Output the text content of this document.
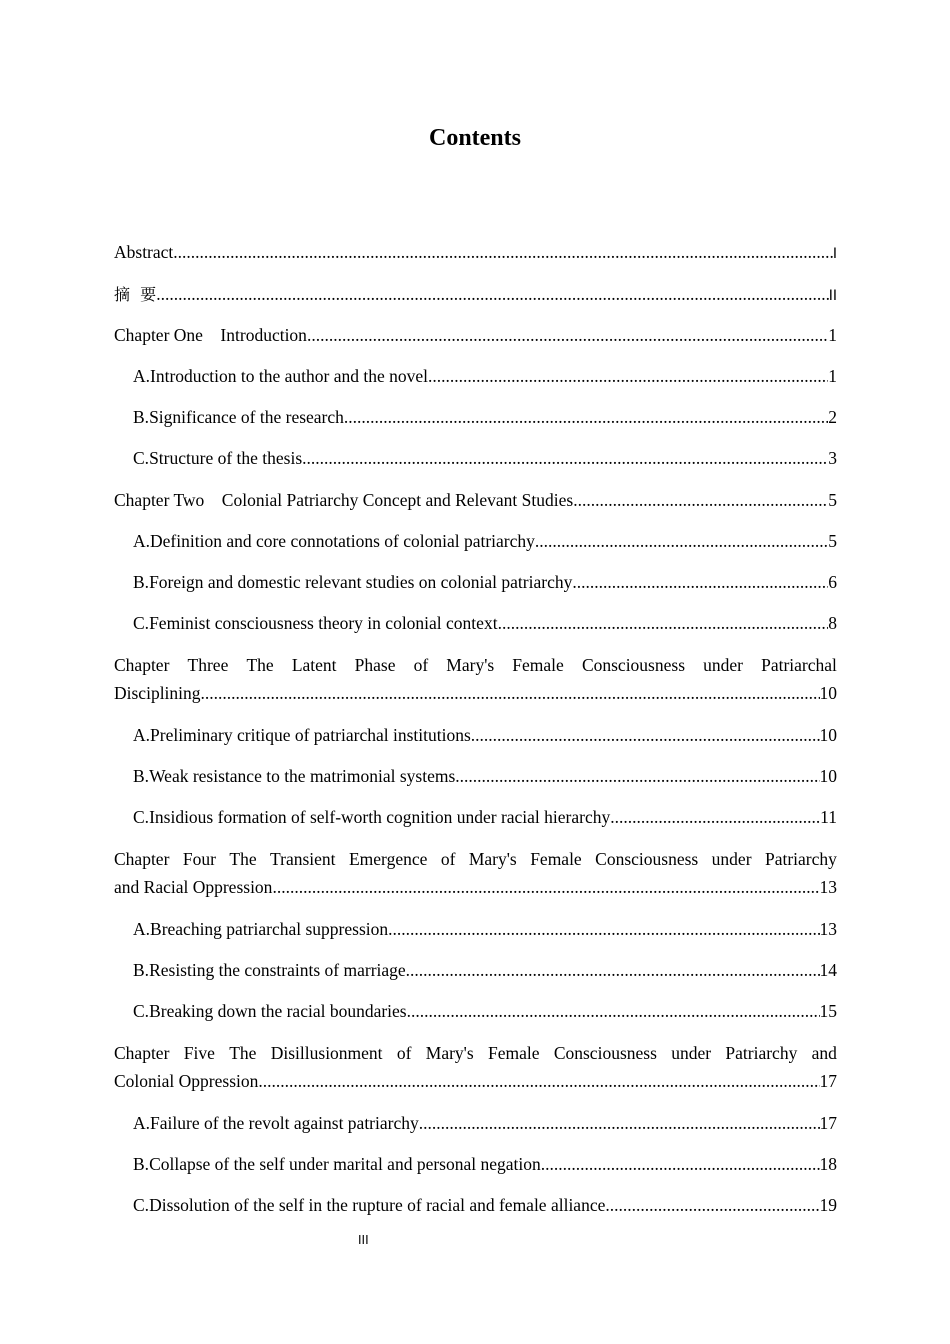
Contents
Abstract .....	I
摘  要 .....	II
Chapter One    Introduction .....	1
A. Introduction to the author and the novel .....	1
B. Significance of the research .....	2
C. Structure of the thesis .....	3
Chapter Two    Colonial Patriarchy Concept and Relevant Studies .....	5
A. Definition and core connotations of colonial patriarchy .....	5
B. Foreign and domestic relevant studies on colonial patriarchy .....	6
C. Feminist consciousness theory in colonial context .....	8
Chapter Three The Latent Phase of Mary's Female Consciousness under Patriarchal
Disciplining .....	10
A. Preliminary critique of patriarchal institutions .....	10
B. Weak resistance to the matrimonial systems .....	10
C. Insidious formation of self-worth cognition under racial hierarchy .....	11
Chapter Four The Transient Emergence of Mary's Female Consciousness under Patriarchy
and Racial Oppression .....	13
A. Breaching patriarchal suppression .....	13
B. Resisting the constraints of marriage .....	14
C. Breaking down the racial boundaries .....	15
Chapter Five The Disillusionment of Mary's Female Consciousness under Patriarchy and
Colonial Oppression .....	17
A. Failure of the revolt against patriarchy .....	17
B. Collapse of the self under marital and personal negation .....	18
C. Dissolution of the self in the rupture of racial and female alliance .....	19
III
